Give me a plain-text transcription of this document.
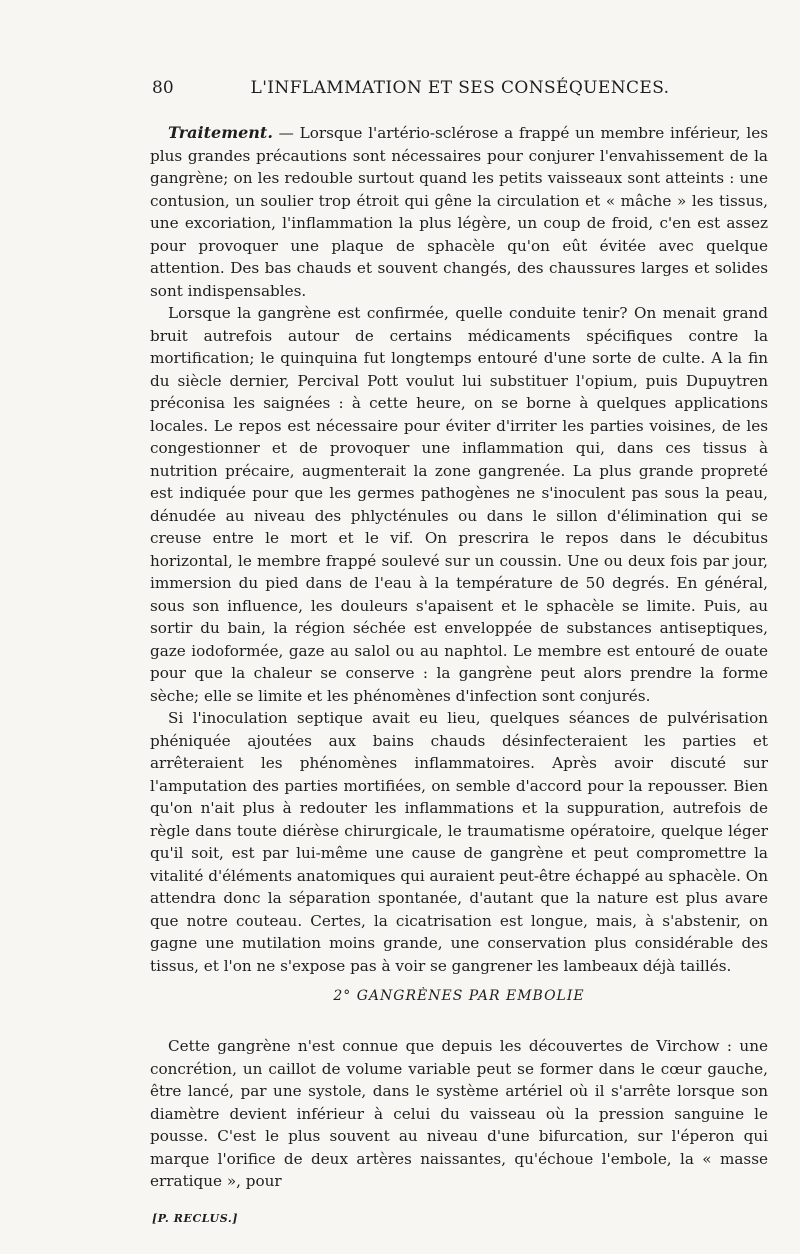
80	L'INFLAMMATION ET SES CONSÉQUENCES.

Traitement. — Lorsque l'artério-sclérose a frappé un membre inférieur, les plus grandes précautions sont nécessaires pour conjurer l'envahissement de la gangrène; on les redouble surtout quand les petits vaisseaux sont atteints : une contusion, un soulier trop étroit qui gêne la circulation et « mâche » les tissus, une excoriation, l'inflammation la plus légère, un coup de froid, c'en est assez pour provoquer une plaque de sphacèle qu'on eût évitée avec quelque attention. Des bas chauds et souvent changés, des chaussures larges et solides sont indispensables.

Lorsque la gangrène est confirmée, quelle conduite tenir? On menait grand bruit autrefois autour de certains médicaments spécifiques contre la mortification; le quinquina fut longtemps entouré d'une sorte de culte. A la fin du siècle dernier, Percival Pott voulut lui substituer l'opium, puis Dupuytren préconisa les saignées : à cette heure, on se borne à quelques applications locales. Le repos est nécessaire pour éviter d'irriter les parties voisines, de les congestionner et de provoquer une inflammation qui, dans ces tissus à nutrition précaire, augmenterait la zone gangrenée. La plus grande propreté est indiquée pour que les germes pathogènes ne s'inoculent pas sous la peau, dénudée au niveau des phlycténules ou dans le sillon d'élimination qui se creuse entre le mort et le vif. On prescrira le repos dans le décubitus horizontal, le membre frappé soulevé sur un coussin. Une ou deux fois par jour, immersion du pied dans de l'eau à la température de 50 degrés. En général, sous son influence, les douleurs s'apaisent et le sphacèle se limite. Puis, au sortir du bain, la région séchée est enveloppée de substances antiseptiques, gaze iodoformée, gaze au salol ou au naphtol. Le membre est entouré de ouate pour que la chaleur se conserve : la gangrène peut alors prendre la forme sèche; elle se limite et les phénomènes d'infection sont conjurés.

Si l'inoculation septique avait eu lieu, quelques séances de pulvérisation phéniquée ajoutées aux bains chauds désinfecteraient les parties et arrêteraient les phénomènes inflammatoires. Après avoir discuté sur l'amputation des parties mortifiées, on semble d'accord pour la repousser. Bien qu'on n'ait plus à redouter les inflammations et la suppuration, autrefois de règle dans toute diérèse chirurgicale, le traumatisme opératoire, quelque léger qu'il soit, est par lui-même une cause de gangrène et peut compromettre la vitalité d'éléments anatomiques qui auraient peut-être échappé au sphacèle. On attendra donc la séparation spontanée, d'autant que la nature est plus avare que notre couteau. Certes, la cicatrisation est longue, mais, à s'abstenir, on gagne une mutilation moins grande, une conservation plus considérable des tissus, et l'on ne s'expose pas à voir se gangrener les lambeaux déjà taillés.

2° GANGRÈNES PAR EMBOLIE

Cette gangrène n'est connue que depuis les découvertes de Virchow : une concrétion, un caillot de volume variable peut se former dans le cœur gauche, être lancé, par une systole, dans le système artériel où il s'arrête lorsque son diamètre devient inférieur à celui du vaisseau où la pression sanguine le pousse. C'est le plus souvent au niveau d'une bifurcation, sur l'éperon qui marque l'orifice de deux artères naissantes, qu'échoue l'embole, la « masse erratique », pour

[P. RECLUS.]
